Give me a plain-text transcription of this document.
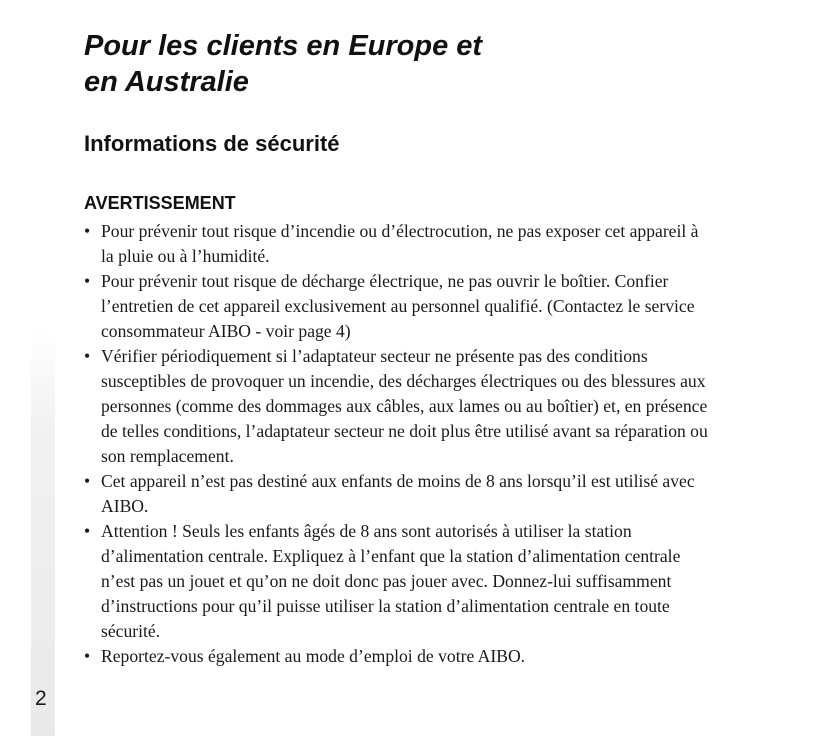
Pour les clients en Europe et
en Australie
Informations de sécurité
AVERTISSEMENT
• Pour prévenir tout risque d’incendie ou d’électrocution, ne pas exposer cet appareil à la pluie ou à l’humidité.
• Pour prévenir tout risque de décharge électrique, ne pas ouvrir le boîtier. Confier l’entretien de cet appareil exclusivement au personnel qualifié. (Contactez le service consommateur AIBO - voir page 4)
• Vérifier périodiquement si l’adaptateur secteur ne présente pas des conditions susceptibles de provoquer un incendie, des décharges électriques ou des blessures aux personnes (comme des dommages aux câbles, aux lames ou au boîtier) et, en présence de telles conditions, l’adaptateur secteur ne doit plus être utilisé avant sa réparation ou son remplacement.
• Cet appareil n’est pas destiné aux enfants de moins de 8 ans lorsqu’il est utilisé avec AIBO.
• Attention ! Seuls les enfants âgés de 8 ans sont autorisés à utiliser la station d’alimentation centrale. Expliquez à l’enfant que la station d’alimentation centrale n’est pas un jouet et qu’on ne doit donc pas jouer avec. Donnez-lui suffisamment d’instructions pour qu’il puisse utiliser la station d’alimentation centrale en toute sécurité.
• Reportez-vous également au mode d’emploi de votre AIBO.
2
